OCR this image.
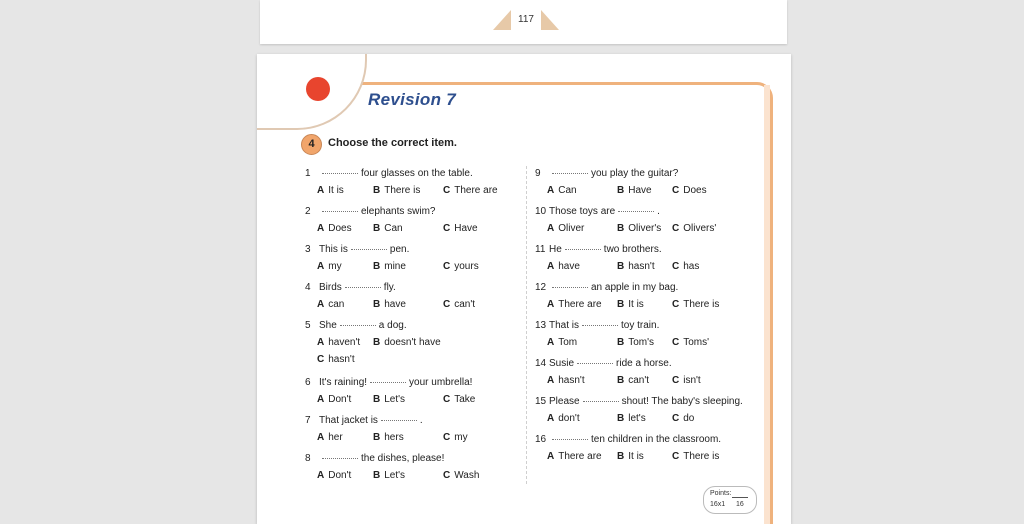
117
Revision 7
4	Choose the correct item.
1	four glasses on the table.
A It is	B There is C There are
2	elephants swim?
A Does B Can	C Have
3 This is	pen.
A my	B mine	C yours
4 Birds	fly.
A can	B have	C can't
5 She	a dog.
A haven't B doesn't have
C hasn't
6 It's raining!	your umbrella!
A Don't B Let's	C Take
7 That jacket is	.
A her	B hers	C my
8	the dishes, please!
A Don't B Let's	C Wash
9	you play the guitar?
A Can	B Have C Does
10 Those toys are	.
A Oliver	B Oliver's C Olivers'
11 He	two brothers.
A have	B hasn't C has
12	an apple in my bag.
A There are B It is	C There is
13 That is	toy train.
A Tom	B Tom's C Toms'
14 Susie	ride a horse.
A hasn't	B can't C isn't
15 Please	shout! The baby's sleeping.
A don't	B let's	C do
16	ten children in the classroom.
A There are B It is	C There is
Points:
16x1 16
